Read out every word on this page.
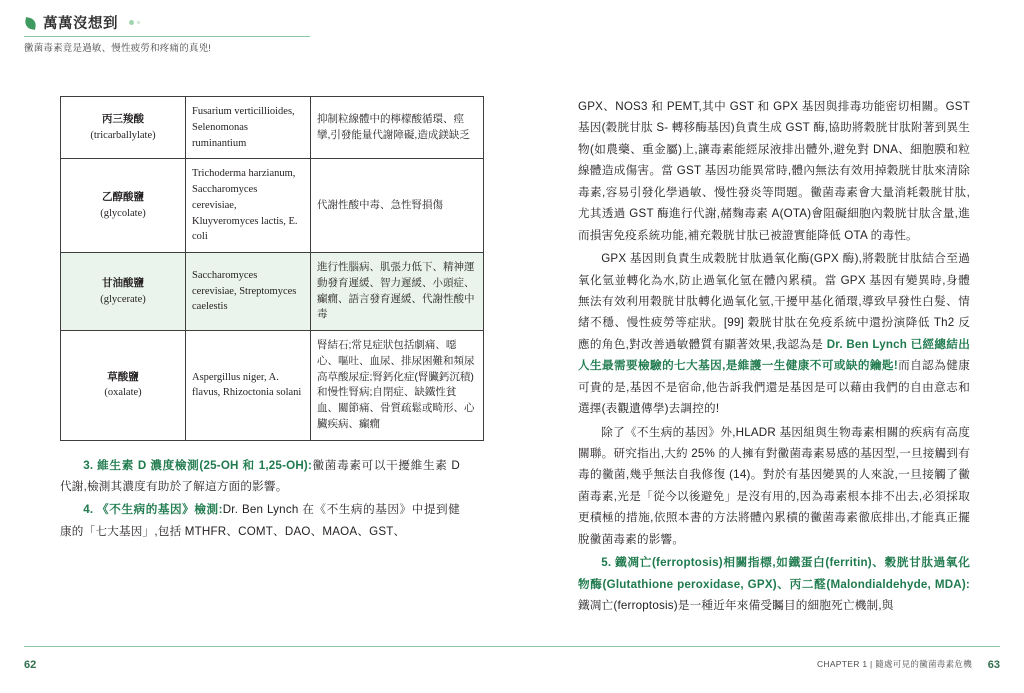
萬萬沒想到
黴菌毒素竟是過敏、慢性疲勞和疼痛的真兇!
丙三羧酸
(tricarballylate)	Fusarium verticillioides, Selenomonas ruminantium	抑制粒線體中的檸檬酸循環、痙攣,引發能量代謝障礙,造成鎂缺乏
乙醇酸鹽
(glycolate)	Trichoderma harzianum, Saccharomyces cerevisiae, Kluyveromyces lactis, E. coli	代謝性酸中毒、急性腎損傷
甘油酸鹽
(glycerate)	Saccharomyces cerevisiae, Streptomyces caelestis	進行性腦病、肌張力低下、精神運動發育遲緩、智力遲緩、小頭症、癲癇、語言發育遲緩、代謝性酸中毒
草酸鹽
(oxalate)	Aspergillus niger, A. flavus, Rhizoctonia solani	腎結石;常見症狀包括劇痛、噁心、嘔吐、血尿、排尿困難和頻尿高草酸尿症;腎鈣化症(腎臟鈣沉積)和慢性腎病;自閉症、缺鐵性貧血、關節痛、骨質疏鬆或畸形、心臟疾病、癲癇

3. 維生素 D 濃度檢測(25-OH 和 1,25-OH):黴菌毒素可以干擾維生素 D 代謝,檢測其濃度有助於了解這方面的影響。

4. 《不生病的基因》檢測:Dr. Ben Lynch 在《不生病的基因》中提到健康的「七大基因」,包括 MTHFR、COMT、DAO、MAOA、GST、

GPX、NOS3 和 PEMT,其中 GST 和 GPX 基因與排毒功能密切相關。GST 基因(穀胱甘肽 S- 轉移酶基因)負責生成 GST 酶,協助將穀胱甘肽附著到異生物(如農藥、重金屬)上,讓毒素能經尿液排出體外,避免對 DNA、細胞膜和粒線體造成傷害。當 GST 基因功能異常時,體內無法有效用掉穀胱甘肽來清除毒素,容易引發化學過敏、慢性發炎等問題。黴菌毒素會大量消耗穀胱甘肽,尤其透過 GST 酶進行代謝,赭麴毒素 A(OTA)會阻礙細胞內穀胱甘肽含量,進而損害免疫系統功能,補充穀胱甘肽已被證實能降低 OTA 的毒性。

GPX 基因則負責生成穀胱甘肽過氧化酶(GPX 酶),將穀胱甘肽結合至過氧化氫並轉化為水,防止過氧化氫在體內累積。當 GPX 基因有變異時,身體無法有效利用穀胱甘肽轉化過氧化氫,干擾甲基化循環,導致早發性白髮、情緒不穩、慢性疲勞等症狀。[99] 穀胱甘肽在免疫系統中還扮演降低 Th2 反應的角色,對改善過敏體質有顯著效果,我認為是 Dr. Ben Lynch 已經總結出人生最需要檢驗的七大基因,是維護一生健康不可或缺的鑰匙!而自認為健康可貴的是,基因不是宿命,他告訴我們還是基因是可以藉由我們的自由意志和選擇(表觀遺傳學)去調控的!

除了《不生病的基因》外,HLADR 基因組與生物毒素相關的疾病有高度關聯。研究指出,大約 25% 的人擁有對黴菌毒素易感的基因型,一旦接觸到有毒的黴菌,幾乎無法自我修復 (14)。對於有基因變異的人來說,一旦接觸了黴菌毒素,光是「從今以後避免」是沒有用的,因為毒素根本排不出去,必須採取更積極的措施,依照本書的方法將體內累積的黴菌毒素徹底排出,才能真正擺脫黴菌毒素的影響。

5. 鐵凋亡(ferroptosis)相關指標,如鐵蛋白(ferritin)、穀胱甘肽過氧化物酶(Glutathione peroxidase, GPX)、丙二醛(Malondialdehyde, MDA):鐵凋亡(ferroptosis)是一種近年來備受矚目的細胞死亡機制,與

62	CHAPTER 1 | 隨處可見的黴菌毒素危機 63
